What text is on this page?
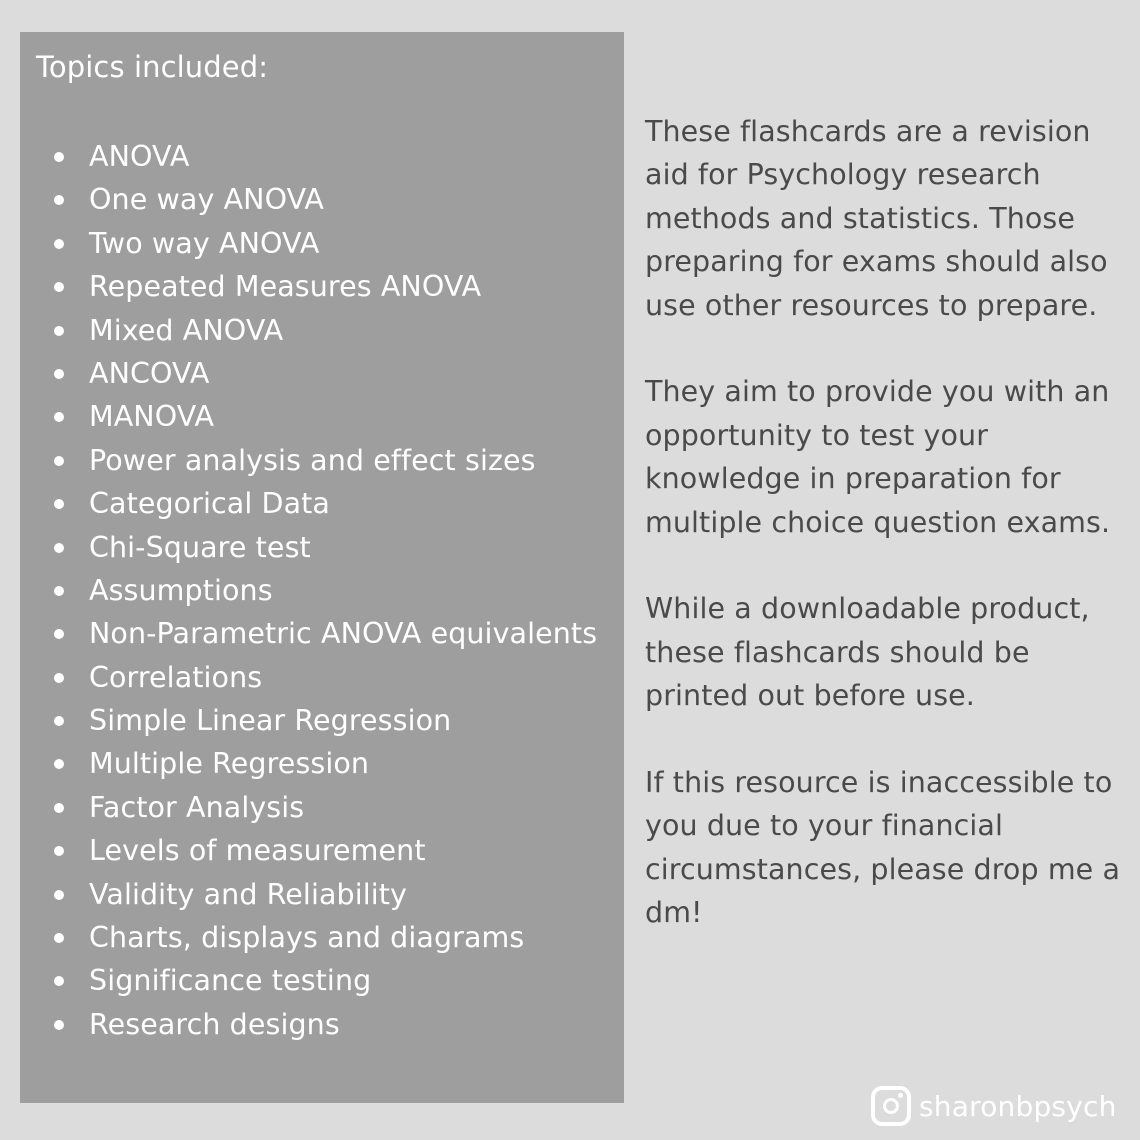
Topics included:
ANOVA
One way ANOVA
Two way ANOVA
Repeated Measures ANOVA
Mixed ANOVA
ANCOVA
MANOVA
Power analysis and effect sizes
Categorical Data
Chi-Square test
Assumptions
Non-Parametric ANOVA equivalents
Correlations
Simple Linear Regression
Multiple Regression
Factor Analysis
Levels of measurement
Validity and Reliability
Charts, displays and diagrams
Significance testing
Research designs

These flashcards are a revision aid for Psychology research methods and statistics. Those preparing for exams should also use other resources to prepare.

They aim to provide you with an opportunity to test your knowledge in preparation for multiple choice question exams.

While a downloadable product, these flashcards should be printed out before use.

If this resource is inaccessible to you due to your financial circumstances, please drop me a dm!

sharonbpsych
